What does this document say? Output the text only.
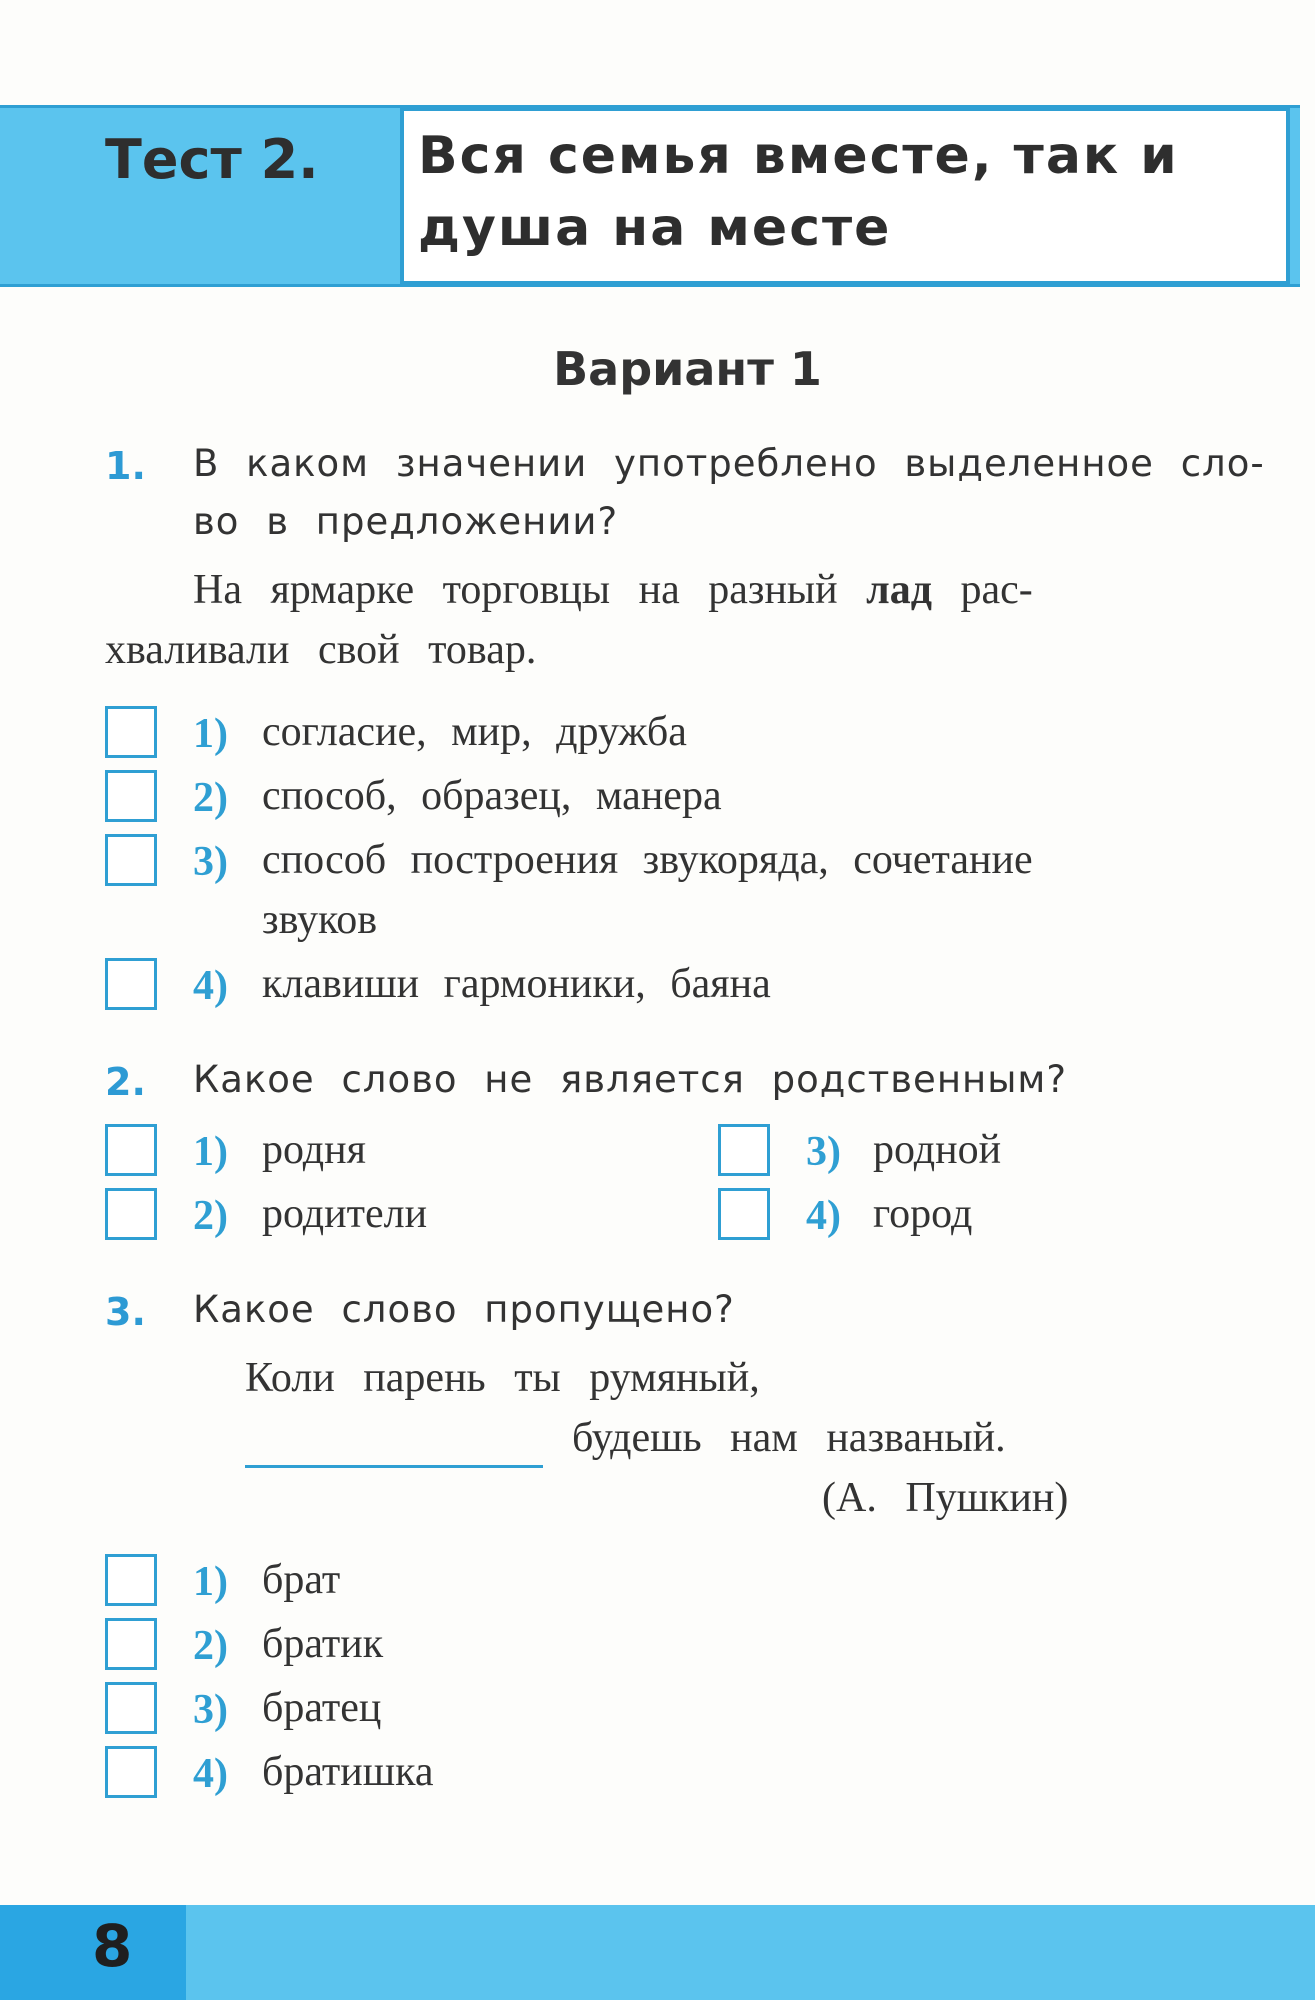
Тест 2. Вся семья вместе, так и
душа на месте
Вариант 1
1. В каком значении употреблено выделенное сло-
во в предложении?
На ярмарке торговцы на разный лад рас-
хваливали свой товар.
1) согласие, мир, дружба
2) способ, образец, манера
3) способ построения звукоряда, сочетание
звуков
4) клавиши гармоники, баяна
2. Какое слово не является родственным?
1) родня
2) родители
3) родной
4) город
3. Какое слово пропущено?
Коли парень ты румяный,
будешь нам названый.
(А. Пушкин)
1) брат
2) братик
3) братец
4) братишка
8
